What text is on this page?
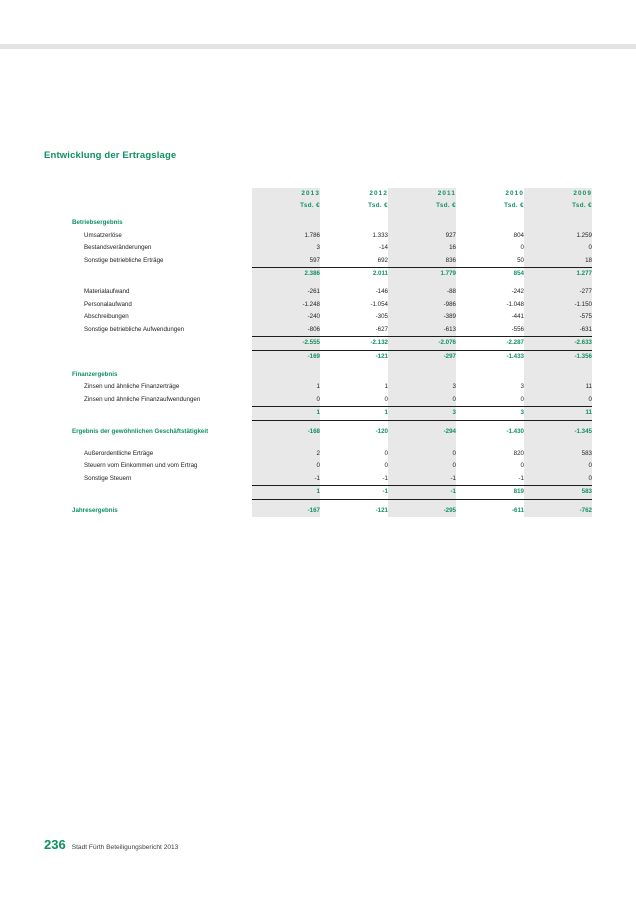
Entwicklung der Ertragslage
	2013	2012	2011	2010	2009
	Tsd. €	Tsd. €	Tsd. €	Tsd. €	Tsd. €

Betriebsergebnis					
Umsatzerlöse	1.786	1.333	927	804	1.259
Bestandsveränderungen	3	-14	16	0	0
Sonstige betriebliche Erträge	597	692	836	50	18
	2.386	2.011	1.779	854	1.277

Materialaufwand	-261	-146	-88	-242	-277
Personalaufwand	-1.248	-1.054	-986	-1.048	-1.150
Abschreibungen	-240	-305	-389	-441	-575
Sonstige betriebliche Aufwendungen	-806	-627	-613	-556	-631
	-2.555	-2.132	-2.076	-2.287	-2.633
	-169	-121	-297	-1.433	-1.356

Finanzergebnis					
Zinsen und ähnliche Finanzerträge	1	1	3	3	11
Zinsen und ähnliche Finanzaufwendungen	0	0	0	0	0
	1	1	3	3	11

Ergebnis der gewöhnlichen Geschäftstätigkeit	-168	-120	-294	-1.430	-1.345

Außerordentliche Erträge	2	0	0	820	583
Steuern vom Einkommen und vom Ertrag	0	0	0	0	0
Sonstige Steuern	-1	-1	-1	-1	0
	1	-1	-1	819	583

Jahresergebnis	-167	-121	-295	-611	-762
236 Stadt Fürth Beteiligungsbericht 2013
